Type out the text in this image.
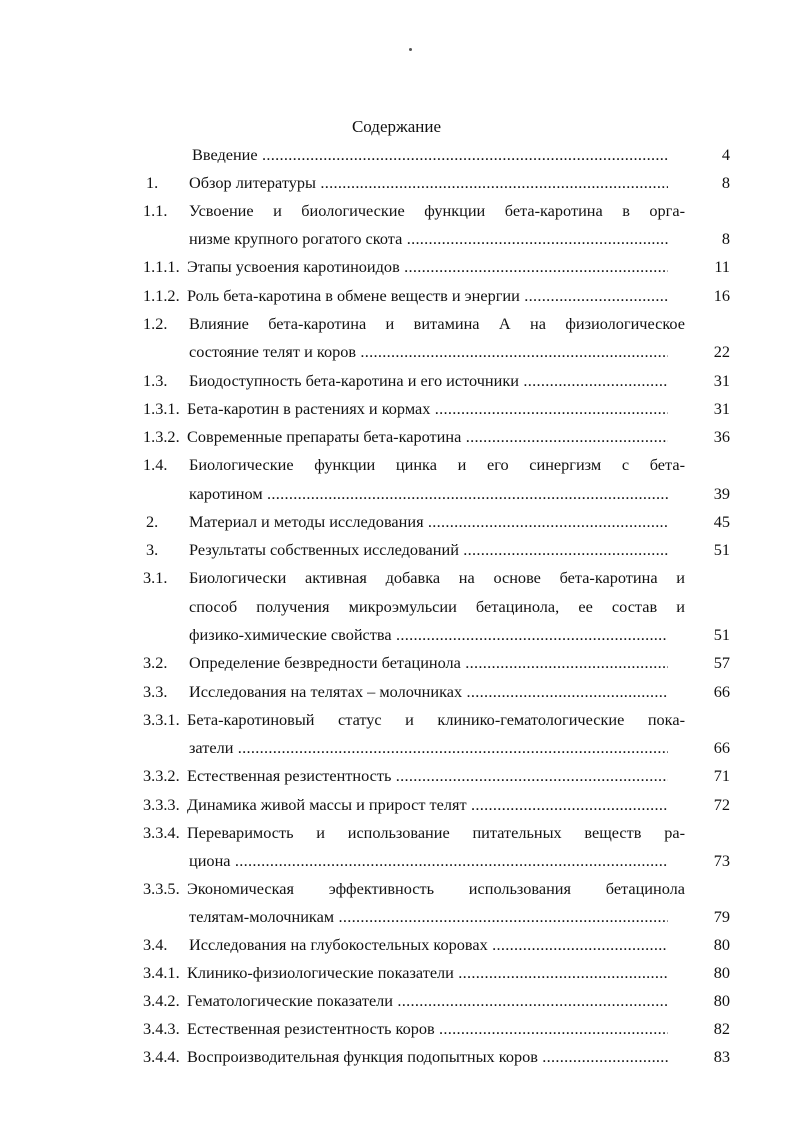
Содержание
Введение .....	4
1. Обзор литературы .....	8
1.1. Усвоение и биологические функции бета-каротина в орга-
низме крупного рогатого скота .....	8
1.1.1. Этапы усвоения каротиноидов .....	11
1.1.2. Роль бета-каротина в обмене веществ и энергии .....	16
1.2. Влияние бета-каротина и витамина А на физиологическое
состояние телят и коров .....	22
1.3. Биодоступность бета-каротина и его источники .....	31
1.3.1. Бета-каротин в растениях и кормах .....	31
1.3.2. Современные препараты бета-каротина .....	36
1.4. Биологические функции цинка и его синергизм с бета-
каротином .....	39
2. Материал и методы исследования .....	45
3. Результаты собственных исследований .....	51
3.1. Биологически активная добавка на основе бета-каротина и
способ получения микроэмульсии бетацинола, ее состав и
физико-химические свойства .....	51
3.2. Определение безвредности бетацинола .....	57
3.3. Исследования на телятах – молочниках .....	66
3.3.1. Бета-каротиновый статус и клинико-гематологические пока-
затели .....	66
3.3.2. Естественная резистентность .....	71
3.3.3. Динамика живой массы и прирост телят .....	72
3.3.4. Переваримость и использование питательных веществ ра-
циона .....	73
3.3.5. Экономическая эффективность использования бетацинола
телятам-молочникам .....	79
3.4. Исследования на глубокостельных коровах .....	80
3.4.1. Клинико-физиологические показатели .....	80
3.4.2. Гематологические показатели .....	80
3.4.3. Естественная резистентность коров .....	82
3.4.4. Воспроизводительная функция подопытных коров .....	83
